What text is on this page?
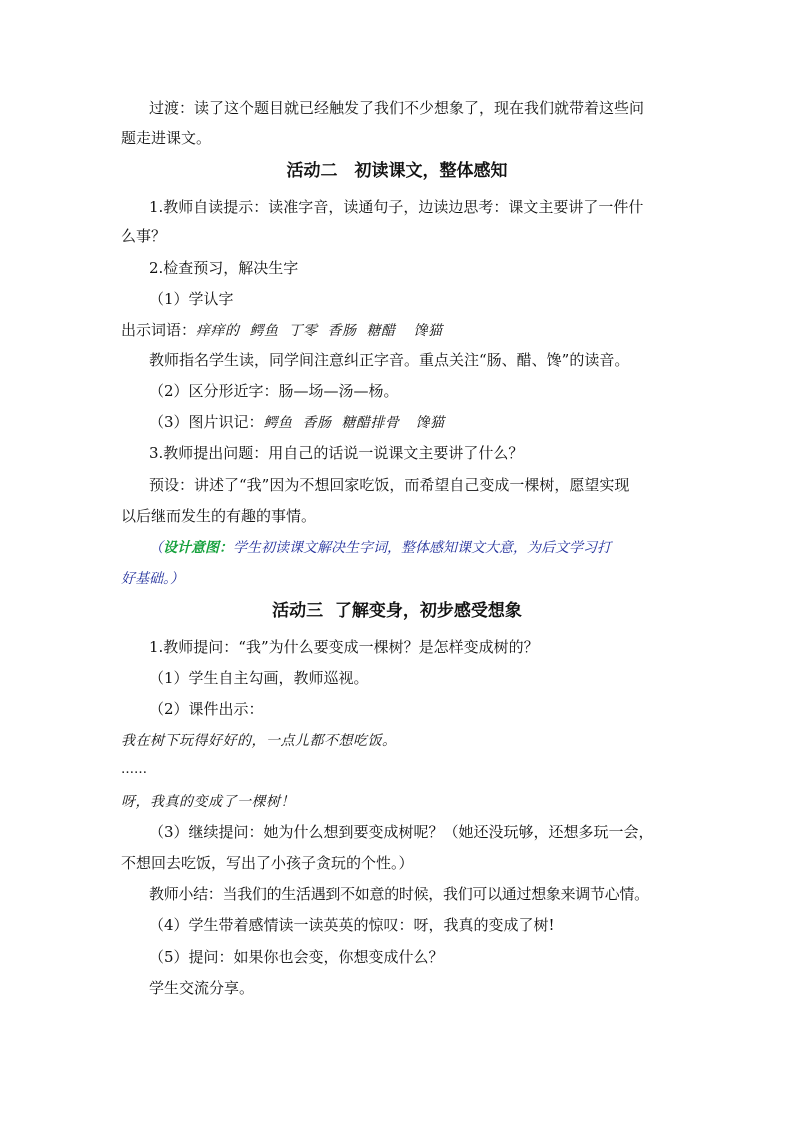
过渡：读了这个题目就已经触发了我们不少想象了，现在我们就带着这些问
题走进课文。
活动二　初读课文，整体感知
1.教师自读提示：读准字音，读通句子，边读边思考：课文主要讲了一件什
么事？
2.检查预习，解决生字
（1）学认字
出示词语：痒痒的 鳄鱼 丁零 香肠 糖醋 馋猫
教师指名学生读，同学间注意纠正字音。重点关注“肠、醋、馋”的读音。
（2）区分形近字：肠—场—汤—杨。
（3）图片识记：鳄鱼 香肠 糖醋排骨 馋猫
3.教师提出问题：用自己的话说一说课文主要讲了什么？
预设：讲述了“我”因为不想回家吃饭，而希望自己变成一棵树，愿望实现
以后继而发生的有趣的事情。
（设计意图：学生初读课文解决生字词，整体感知课文大意，为后文学习打
好基础。）
活动三  了解变身，初步感受想象
1.教师提问：“我”为什么要变成一棵树？是怎样变成树的？
（1）学生自主勾画，教师巡视。
（2）课件出示：
我在树下玩得好好的，一点儿都不想吃饭。
……
呀，我真的变成了一棵树！
（3）继续提问：她为什么想到要变成树呢？（她还没玩够，还想多玩一会，
不想回去吃饭，写出了小孩子贪玩的个性。）
教师小结：当我们的生活遇到不如意的时候，我们可以通过想象来调节心情。
（4）学生带着感情读一读英英的惊叹：呀，我真的变成了树!
（5）提问：如果你也会变，你想变成什么？
学生交流分享。
